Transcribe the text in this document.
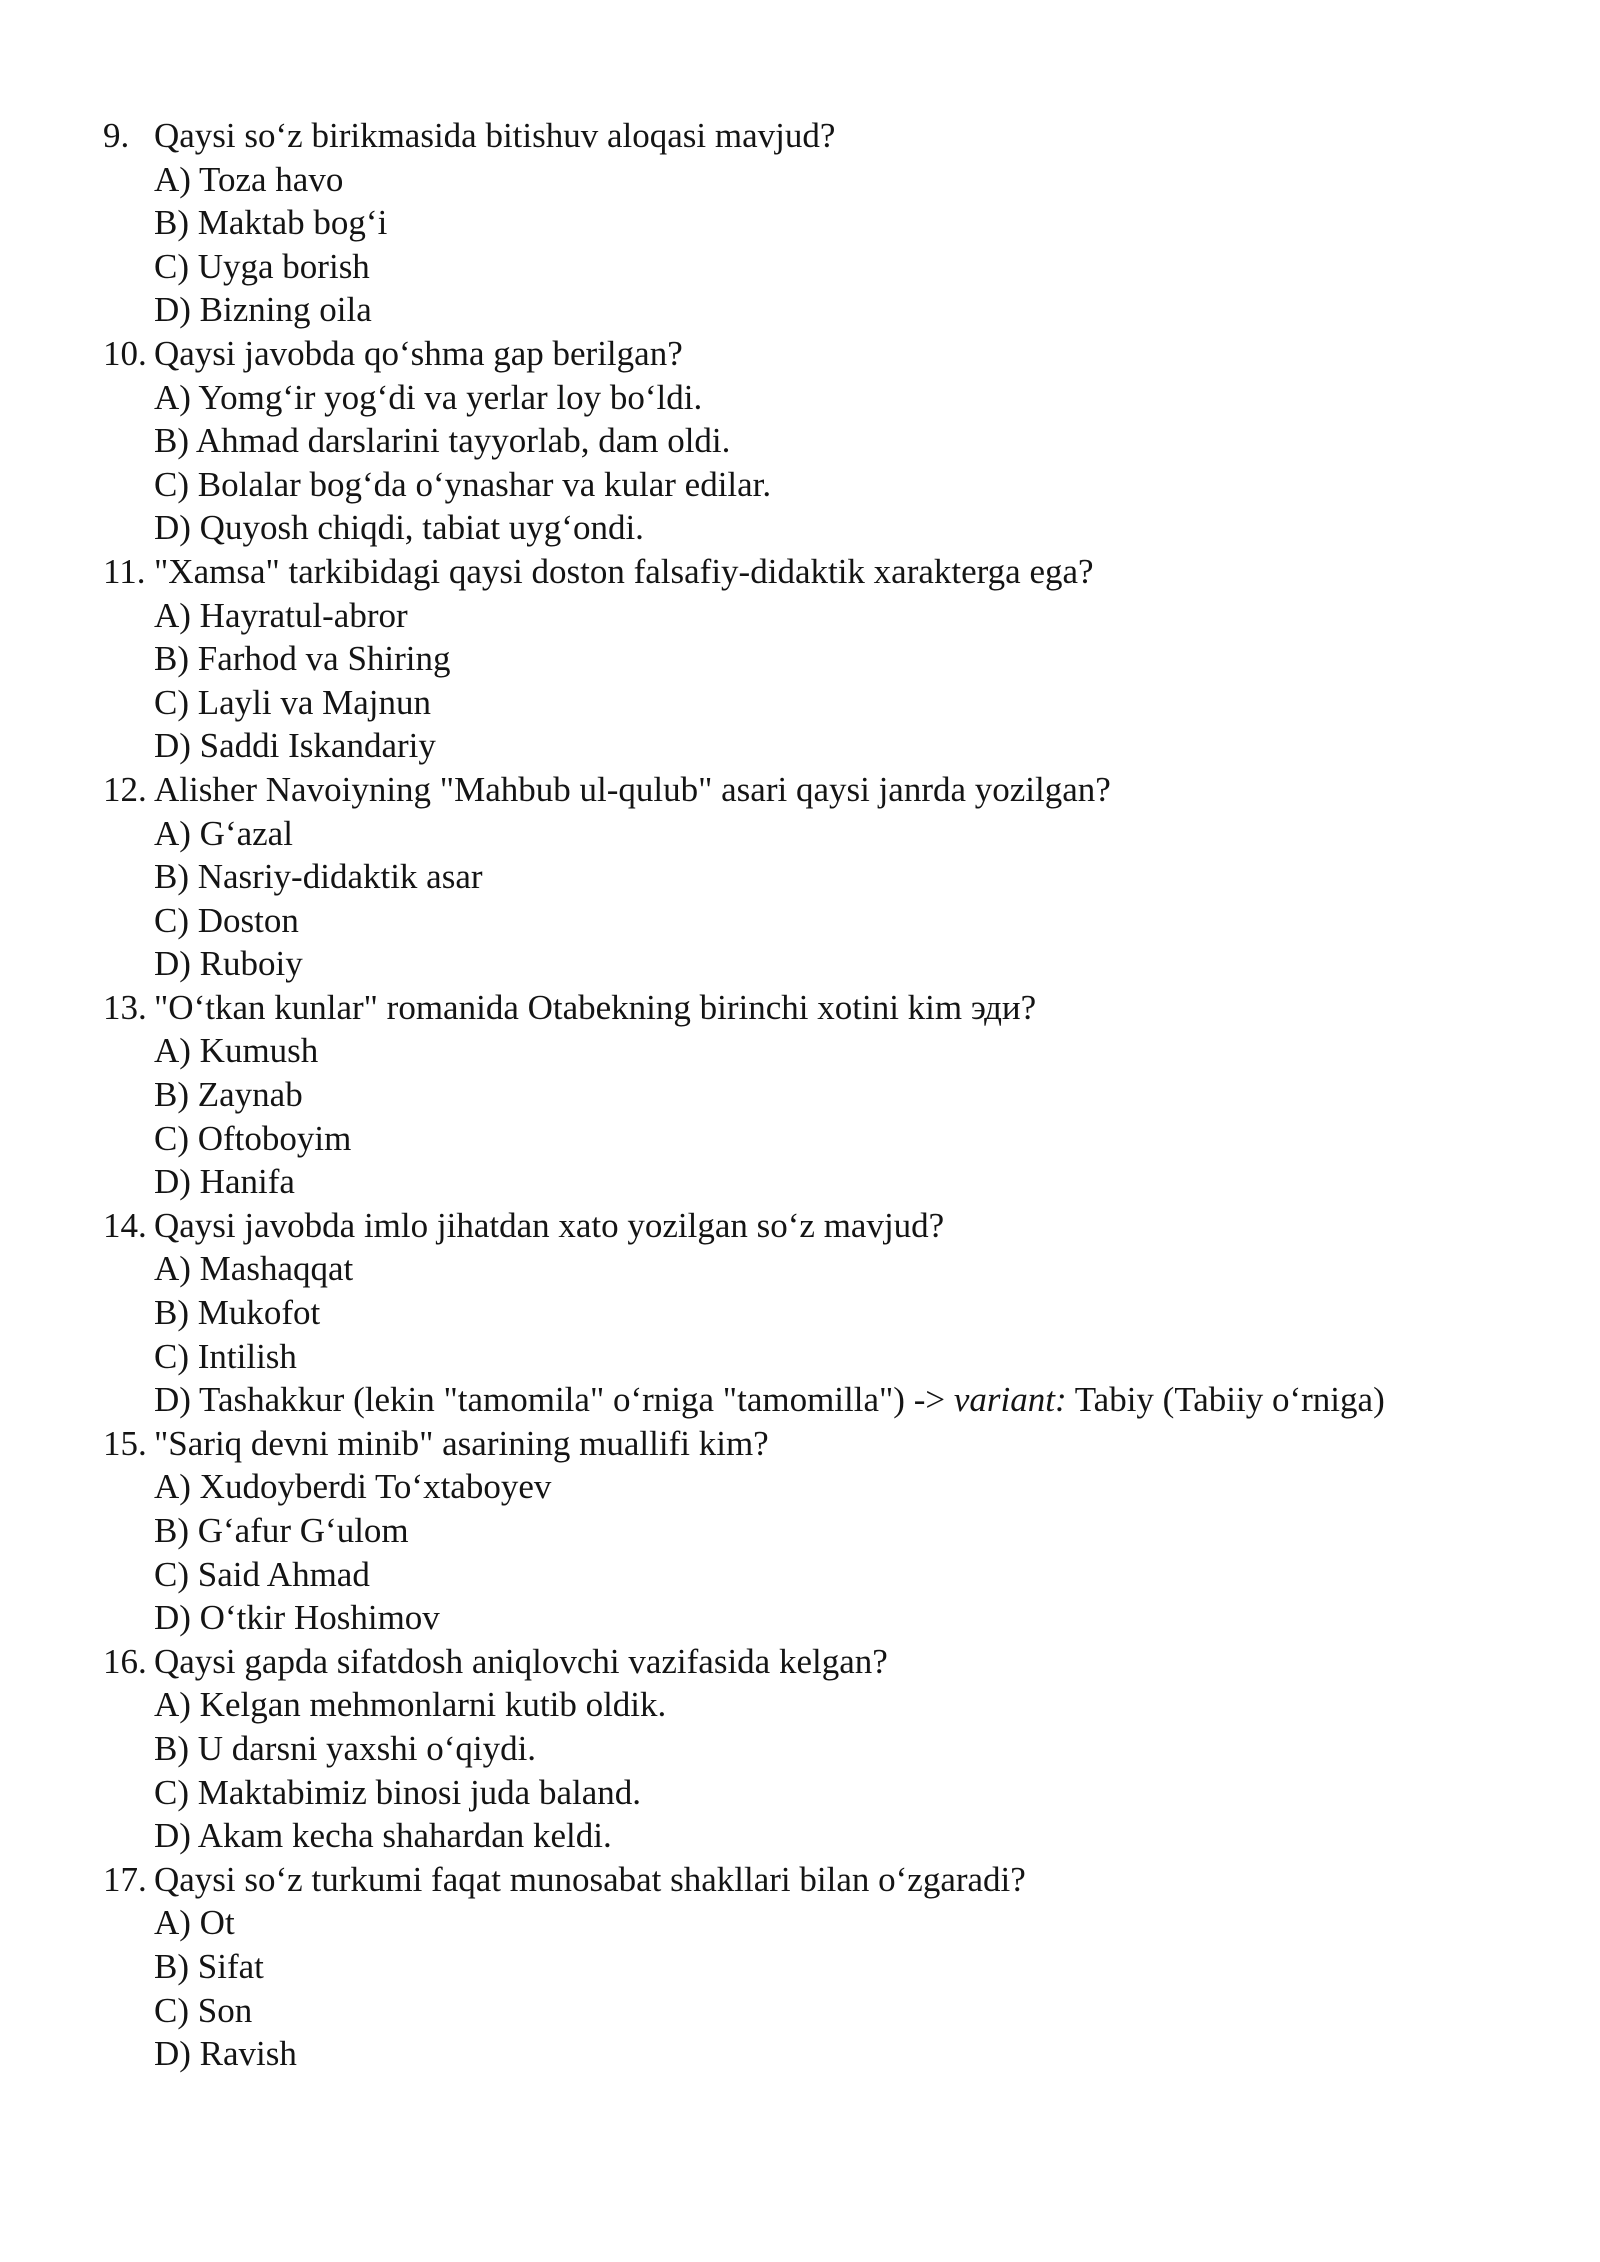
9. Qaysi so‘z birikmasida bitishuv aloqasi mavjud?
A) Toza havo
B) Maktab bog‘i
C) Uyga borish
D) Bizning oila
10. Qaysi javobda qo‘shma gap berilgan?
A) Yomg‘ir yog‘di va yerlar loy bo‘ldi.
B) Ahmad darslarini tayyorlab, dam oldi.
C) Bolalar bog‘da o‘ynashar va kular edilar.
D) Quyosh chiqdi, tabiat uyg‘ondi.
11. "Xamsa" tarkibidagi qaysi doston falsafiy-didaktik xarakterga ega?
A) Hayratul-abror
B) Farhod va Shiring
C) Layli va Majnun
D) Saddi Iskandariy
12. Alisher Navoiyning "Mahbub ul-qulub" asari qaysi janrda yozilgan?
A) G‘azal
B) Nasriy-didaktik asar
C) Doston
D) Ruboiy
13. "O‘tkan kunlar" romanida Otabekning birinchi xotini kim эди?
A) Kumush
B) Zaynab
C) Oftoboyim
D) Hanifa
14. Qaysi javobda imlo jihatdan xato yozilgan so‘z mavjud?
A) Mashaqqat
B) Mukofot
C) Intilish
D) Tashakkur (lekin "tamomila" o‘rniga "tamomilla") -> variant: Tabiy (Tabiiy o‘rniga)
15. "Sariq devni minib" asarining muallifi kim?
A) Xudoyberdi To‘xtaboyev
B) G‘afur G‘ulom
C) Said Ahmad
D) O‘tkir Hoshimov
16. Qaysi gapda sifatdosh aniqlovchi vazifasida kelgan?
A) Kelgan mehmonlarni kutib oldik.
B) U darsni yaxshi o‘qiydi.
C) Maktabimiz binosi juda baland.
D) Akam kecha shahardan keldi.
17. Qaysi so‘z turkumi faqat munosabat shakllari bilan o‘zgaradi?
A) Ot
B) Sifat
C) Son
D) Ravish
